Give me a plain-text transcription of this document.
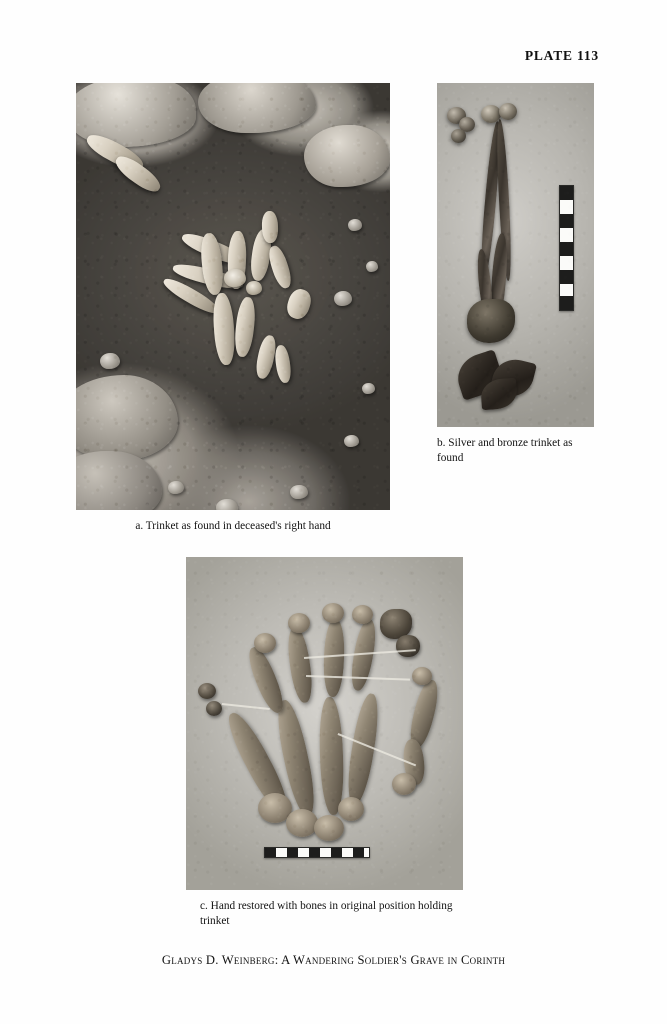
PLATE 113
a. Trinket as found in deceased's right hand
b. Silver and bronze trinket as found
c. Hand restored with bones in original position holding trinket
Gladys D. Weinberg: A Wandering Soldier's Grave in Corinth
